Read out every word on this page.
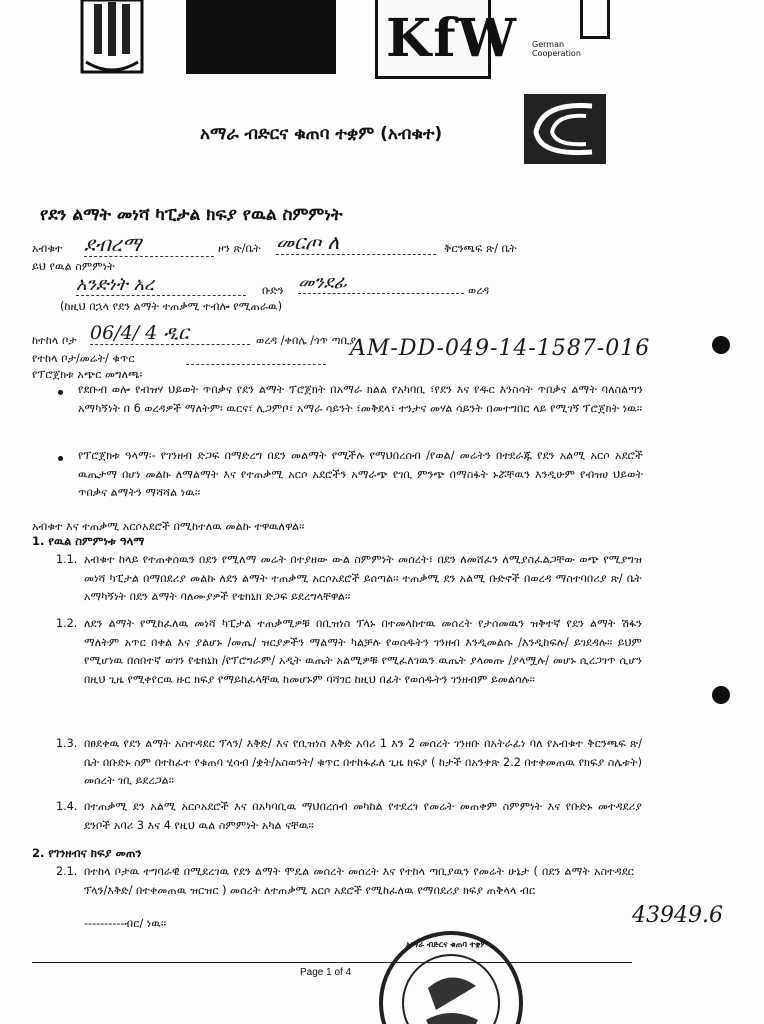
KfW German Cooperation
አማራ ብድርና ቁጠባ ተቋም (አብቁተ)
የደን ልማት መነሻ ካፒታል ክፍያ የዉል ስምምነት
አብቁተ ደብረማ	ዞን ጽ/ቤት መርጦ ለ	ቅርንጫፍ ጽ/ ቤት
ይህ የዉል ስምምነት
አንድነት አረ	ቡድን መንደፊ	ወረዳ
(ከዚህ በኋላ የደን ልማት ተጠቃሚ ተብሎ የሚጠራዉ)
ከተከላ ቦታ 06/4/ 4 ዲር	ወረዳ /ቀበሌ /ጎጥ ጣቢያ
የተከላ ቦታ/መሬት/ ቁጥር	AM-DD-049-14-1587-016
የፕሮጀክቱ አጭር መግለጫ፡
የደቡብ ወሎ የብዝሃ ህይወት ጥበቃና የደን ልማት ፕሮጀክት በአማራ ክልል የአካባቢ ፣የደን እና የዱር እንስሳት ጥበቃና ልማት ባለስልጣን አማካኝነት በ 6 ወረዳዎች ማለትም፡ ዉርና፣ ሊጋምቦ፣ አማራ ሳይንት ፣መቅደላ፣ ተንታና መሃል ሳይንት በመተግበር ላይ የሚገኝ ፕሮጀክት ነዉ፡፡
የፕሮጀክቱ ዓላማ፡- የገንዘብ ድጋፍ በማድረግ በደን መልማት የሚችሉ የማህበረሰብ /የወል/ መሬትን በተደራጁ የደን አልሚ አርሶ አደሮች ዉጤታማ በሆነ መልኩ ለማልማት እና የተጠቃሚ አርሶ አደሮችን አማራጭ የገቢ ምንጭ በማስፋት ኑሯቸዉን እንዲሁም የብዝሀ ህይወት ጥበቃና ልማትን ማሻሻል ነዉ፡፡
አብቁተ እና ተጠቃሚ አርሶአደሮች በሚከተለዉ መልኩ ተዋዉለዋል፡፡
1. የዉል ስምምነቱ ዓላማ
1.1. አብቁተ ከላይ የተጠቀሰዉን በደን የሚለማ መሬት በተያዘው ውል ስምምነት መሰረት፣ በደን ለመሸፈን ለሚያስፈልጋቸው ወጭ የሚያግዝ መነሻ ካፒታል በማበደሪያ መልኩ ለደን ልማት ተጠቃሚ አርሶአደሮች ይሰጣል፡፡ ተጠቃሚ ደን አልሚ ቡድኖች በወረዳ ማስተባበሪያ ጽ/ ቤት አማካኝነት በደን ልማት ባለሙያዎች የቴክኒክ ድጋፍ ይደረግላቸዋል፡፡
1.2. ለደን ልማት የሚከፈለዉ መነሻ ካፒታል ተጠቃሚዎቹ በቢዝነስ ፕላኑ በተመላከተዉ መሰረት የታሰመዉን ዝቅተኛ የደን ልማት ሽፋን ማለትም አጥር በቀል እና ያልሆኑ /መጤ/ ዝርያዎችን ማልማት ካልቻሉ የወሰዱትን ገንዘብ እንዲመልሱ /እንዲከፍሉ/ ይገደዳሉ፡፡ ይህም የሚሆነዉ በሰበተኛ ወገን የቴክኒክ /የፕሮግራም/ አዲት ዉጤት አልሚዎቹ የሚፈለገዉን ዉጤት ያላመጡ /ያላሟሉ/ መሆኑ ሲረጋገጥ ሲሆን በዚህ ጊዜ የሚቀየርዉ ዙር ክፍያ የማይከፈላቸዉ ከመሆኑም ባሻገር ከዚህ በፊት የወሰዱትን ገንዘብም ይመልሳሉ፡፡
1.3. በፀደቀዉ የደን ልማት አስተዳደር ፕላን/ እቅድ/ እና የቢዝነስ እቅድ አባሪ 1 እን 2 መሰረት ገንዘቡ በአትራፊነ ባለ የአብቁተ ቅርንጫፍ ጽ/ቤት በቡድኑ ስም በተከፈተ የቁጠባ ሂሳብ /ቋት/አስወንት/ ቁጥር በተከፋፈለ ጊዜ ክፍያ ( ከታች በአንቀጽ 2.2 በተቀመጠዉ የክፍያ ስሌቱት) መሰረት ገቢ ይደረጋል፡፡
1.4. በተጠቃሚ ደን አልሚ አርሶአደሮች እና በአካባቢዉ ማህበረሰብ መካከል የተደረገ የመሬት መጠቀም ስምምነት እና የቡድኑ መተዳደሪያ ደንቦች አባሪ 3 እና 4 የዚህ ዉል ስምምነት አካል ናቸዉ፡፡
2. የገንዘብና ክፍያ መጠን
2.1. በተከላ ቦታዉ ተግባራዊ በሚደረገዉ የደን ልማት ሞዴል መሰረት መሰረት እና የተከላ ጣቢያዉን የመሬት ሁኔታ ( በደን ልማት አስተዳደር ፕላን/እቅድ/ በተቀመጠዉ ዝርዝር ) መሰረት ለተጠቃሚ አርሶ አደሮች የሚከፈለዉ የማበደሪያ ክፍያ ጠቅላላ ብር
----------ብር/ ነዉ፡፡	43949.6
Page 1 of 4
አማራ ብድርና ቁጠባ ተቋም
